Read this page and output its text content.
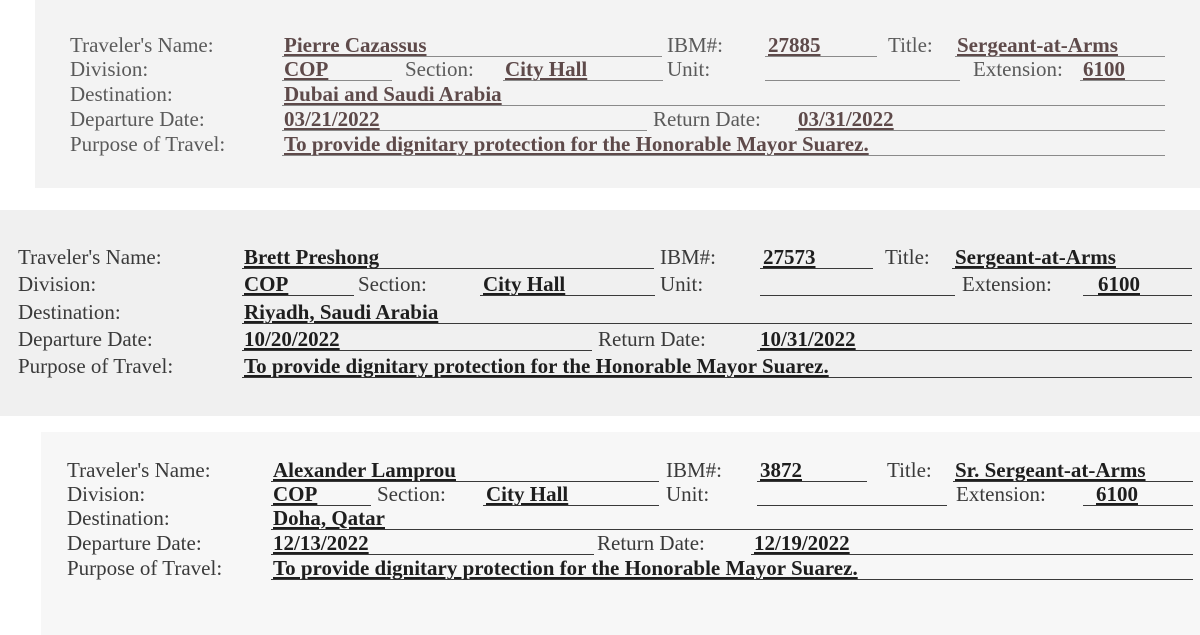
Traveler's Name:	Pierre Cazassus	IBM#: 27885	Title: Sergeant-at-Arms
Division:	COP	Section: City Hall	Unit:	Extension: 6100
Destination:	Dubai and Saudi Arabia
Departure Date:	03/21/2022	Return Date: 03/31/2022
Purpose of Travel:	To provide dignitary protection for the Honorable Mayor Suarez.
Traveler's Name:	Brett Preshong	IBM#: 27573	Title: Sergeant-at-Arms
Division:	COP	Section:	City Hall	Unit:	Extension: 6100
Destination:	Riyadh, Saudi Arabia
Departure Date:	10/20/2022	Return Date:	10/31/2022
Purpose of Travel:	To provide dignitary protection for the Honorable Mayor Suarez.
Traveler's Name:	Alexander Lamprou	IBM#: 3872	Title: Sr. Sergeant-at-Arms
Division:	COP	Section: City Hall	Unit:	Extension: 6100
Destination:	Doha, Qatar
Departure Date:	12/13/2022	Return Date: 12/19/2022
Purpose of Travel: To provide dignitary protection for the Honorable Mayor Suarez.
